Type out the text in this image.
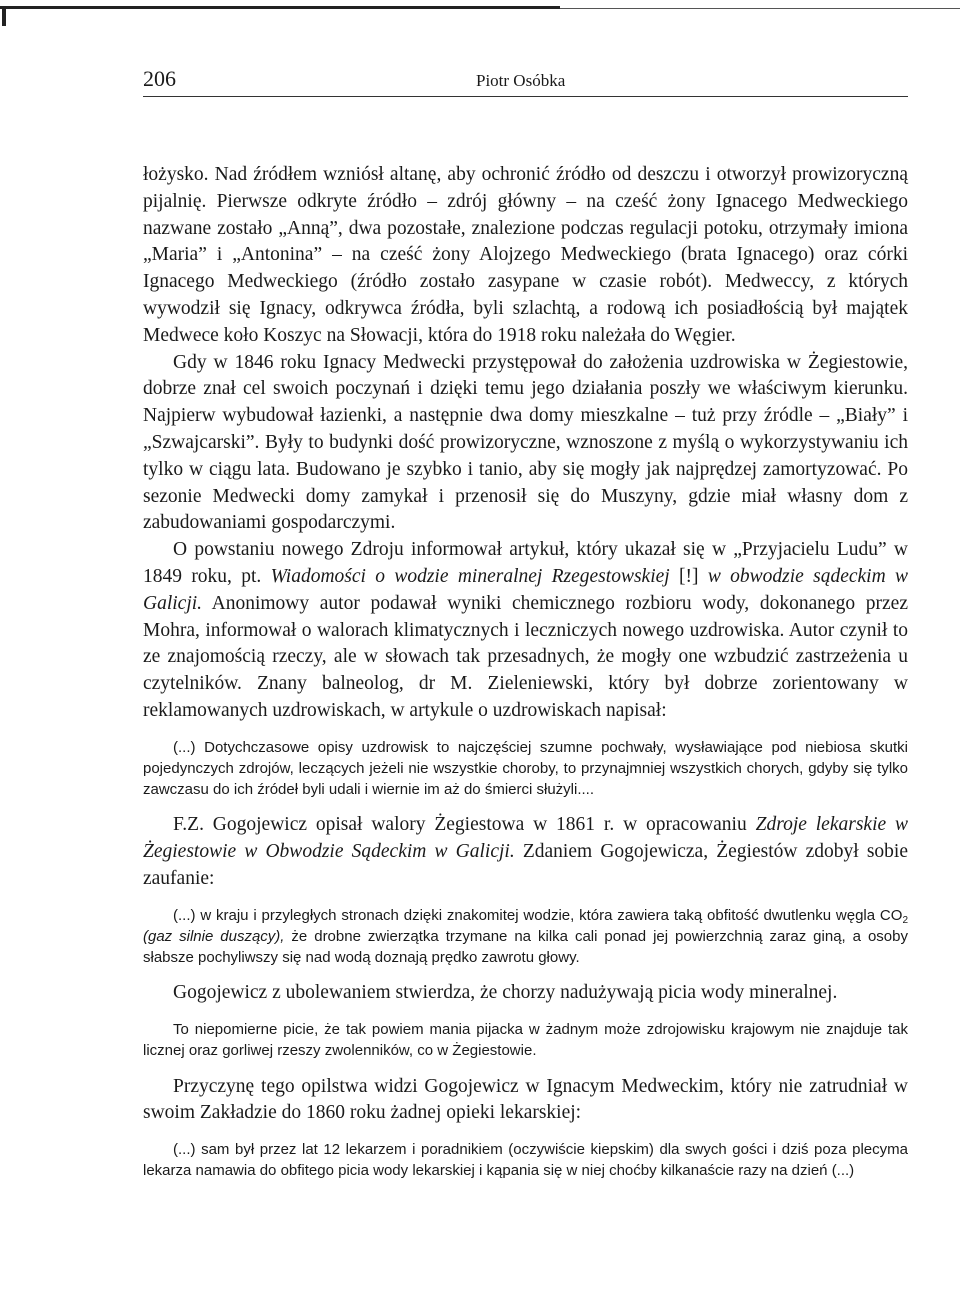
206	Piotr Osóbka

łożysko. Nad źródłem wzniósł altanę, aby ochronić źródło od deszczu i otworzył prowizoryczną pijalnię. Pierwsze odkryte źródło – zdrój główny – na cześć żony Ignacego Medweckiego nazwane zostało „Anną”, dwa pozostałe, znalezione podczas regulacji potoku, otrzymały imiona „Maria” i „Antonina” – na cześć żony Alojzego Medweckiego (brata Ignacego) oraz córki Ignacego Medweckiego (źródło zostało zasypane w czasie robót). Medweccy, z których wywodził się Ignacy, odkrywca źródła, byli szlachtą, a rodową ich posiadłością był majątek Medwece koło Koszyc na Słowacji, która do 1918 roku należała do Węgier.

Gdy w 1846 roku Ignacy Medwecki przystępował do założenia uzdrowiska w Żegiestowie, dobrze znał cel swoich poczynań i dzięki temu jego działania poszły we właściwym kierunku. Najpierw wybudował łazienki, a następnie dwa domy mieszkalne – tuż przy źródle – „Biały” i „Szwajcarski”. Były to budynki dość prowizoryczne, wznoszone z myślą o wykorzystywaniu ich tylko w ciągu lata. Budowano je szybko i tanio, aby się mogły jak najprędzej zamortyzować. Po sezonie Medwecki domy zamykał i przenosił się do Muszyny, gdzie miał własny dom z zabudowaniami gospodarczymi.

O powstaniu nowego Zdroju informował artykuł, który ukazał się w „Przyjacielu Ludu” w 1849 roku, pt. Wiadomości o wodzie mineralnej Rzegestowskiej [!] w obwodzie sądeckim w Galicji. Anonimowy autor podawał wyniki chemicznego rozbioru wody, dokonanego przez Mohra, informował o walorach klimatycznych i leczniczych nowego uzdrowiska. Autor czynił to ze znajomością rzeczy, ale w słowach tak przesadnych, że mogły one wzbudzić zastrzeżenia u czytelników. Znany balneolog, dr M. Zieleniewski, który był dobrze zorientowany w reklamowanych uzdrowiskach, w artykule o uzdrowiskach napisał:

(...) Dotychczasowe opisy uzdrowisk to najczęściej szumne pochwały, wysławiające pod niebiosa skutki pojedynczych zdrojów, leczących jeżeli nie wszystkie choroby, to przynajmniej wszystkich chorych, gdyby się tylko zawczasu do ich źródeł byli udali i wiernie im aż do śmierci służyli....

F.Z. Gogojewicz opisał walory Żegiestowa w 1861 r. w opracowaniu Zdroje lekarskie w Żegiestowie w Obwodzie Sądeckim w Galicji. Zdaniem Gogojewicza, Żegiestów zdobył sobie zaufanie:

(...) w kraju i przyległych stronach dzięki znakomitej wodzie, która zawiera taką obfitość dwutlenku węgla $CO_2$ (gaz silnie duszący), że drobne zwierzątka trzymane na kilka cali ponad jej powierzchnią zaraz giną, a osoby słabsze pochyliwszy się nad wodą doznają prędko zawrotu głowy.

Gogojewicz z ubolewaniem stwierdza, że chorzy nadużywają picia wody mineralnej.

To niepomierne picie, że tak powiem mania pijacka w żadnym może zdrojowisku krajowym nie znajduje tak licznej oraz gorliwej rzeszy zwolenników, co w Żegiestowie.

Przyczynę tego opilstwa widzi Gogojewicz w Ignacym Medweckim, który nie zatrudniał w swoim Zakładzie do 1860 roku żadnej opieki lekarskiej:

(...) sam był przez lat 12 lekarzem i poradnikiem (oczywiście kiepskim) dla swych gości i dziś poza plecyma lekarza namawia do obfitego picia wody lekarskiej i kąpania się w niej choćby kilkanaście razy na dzień (...)
